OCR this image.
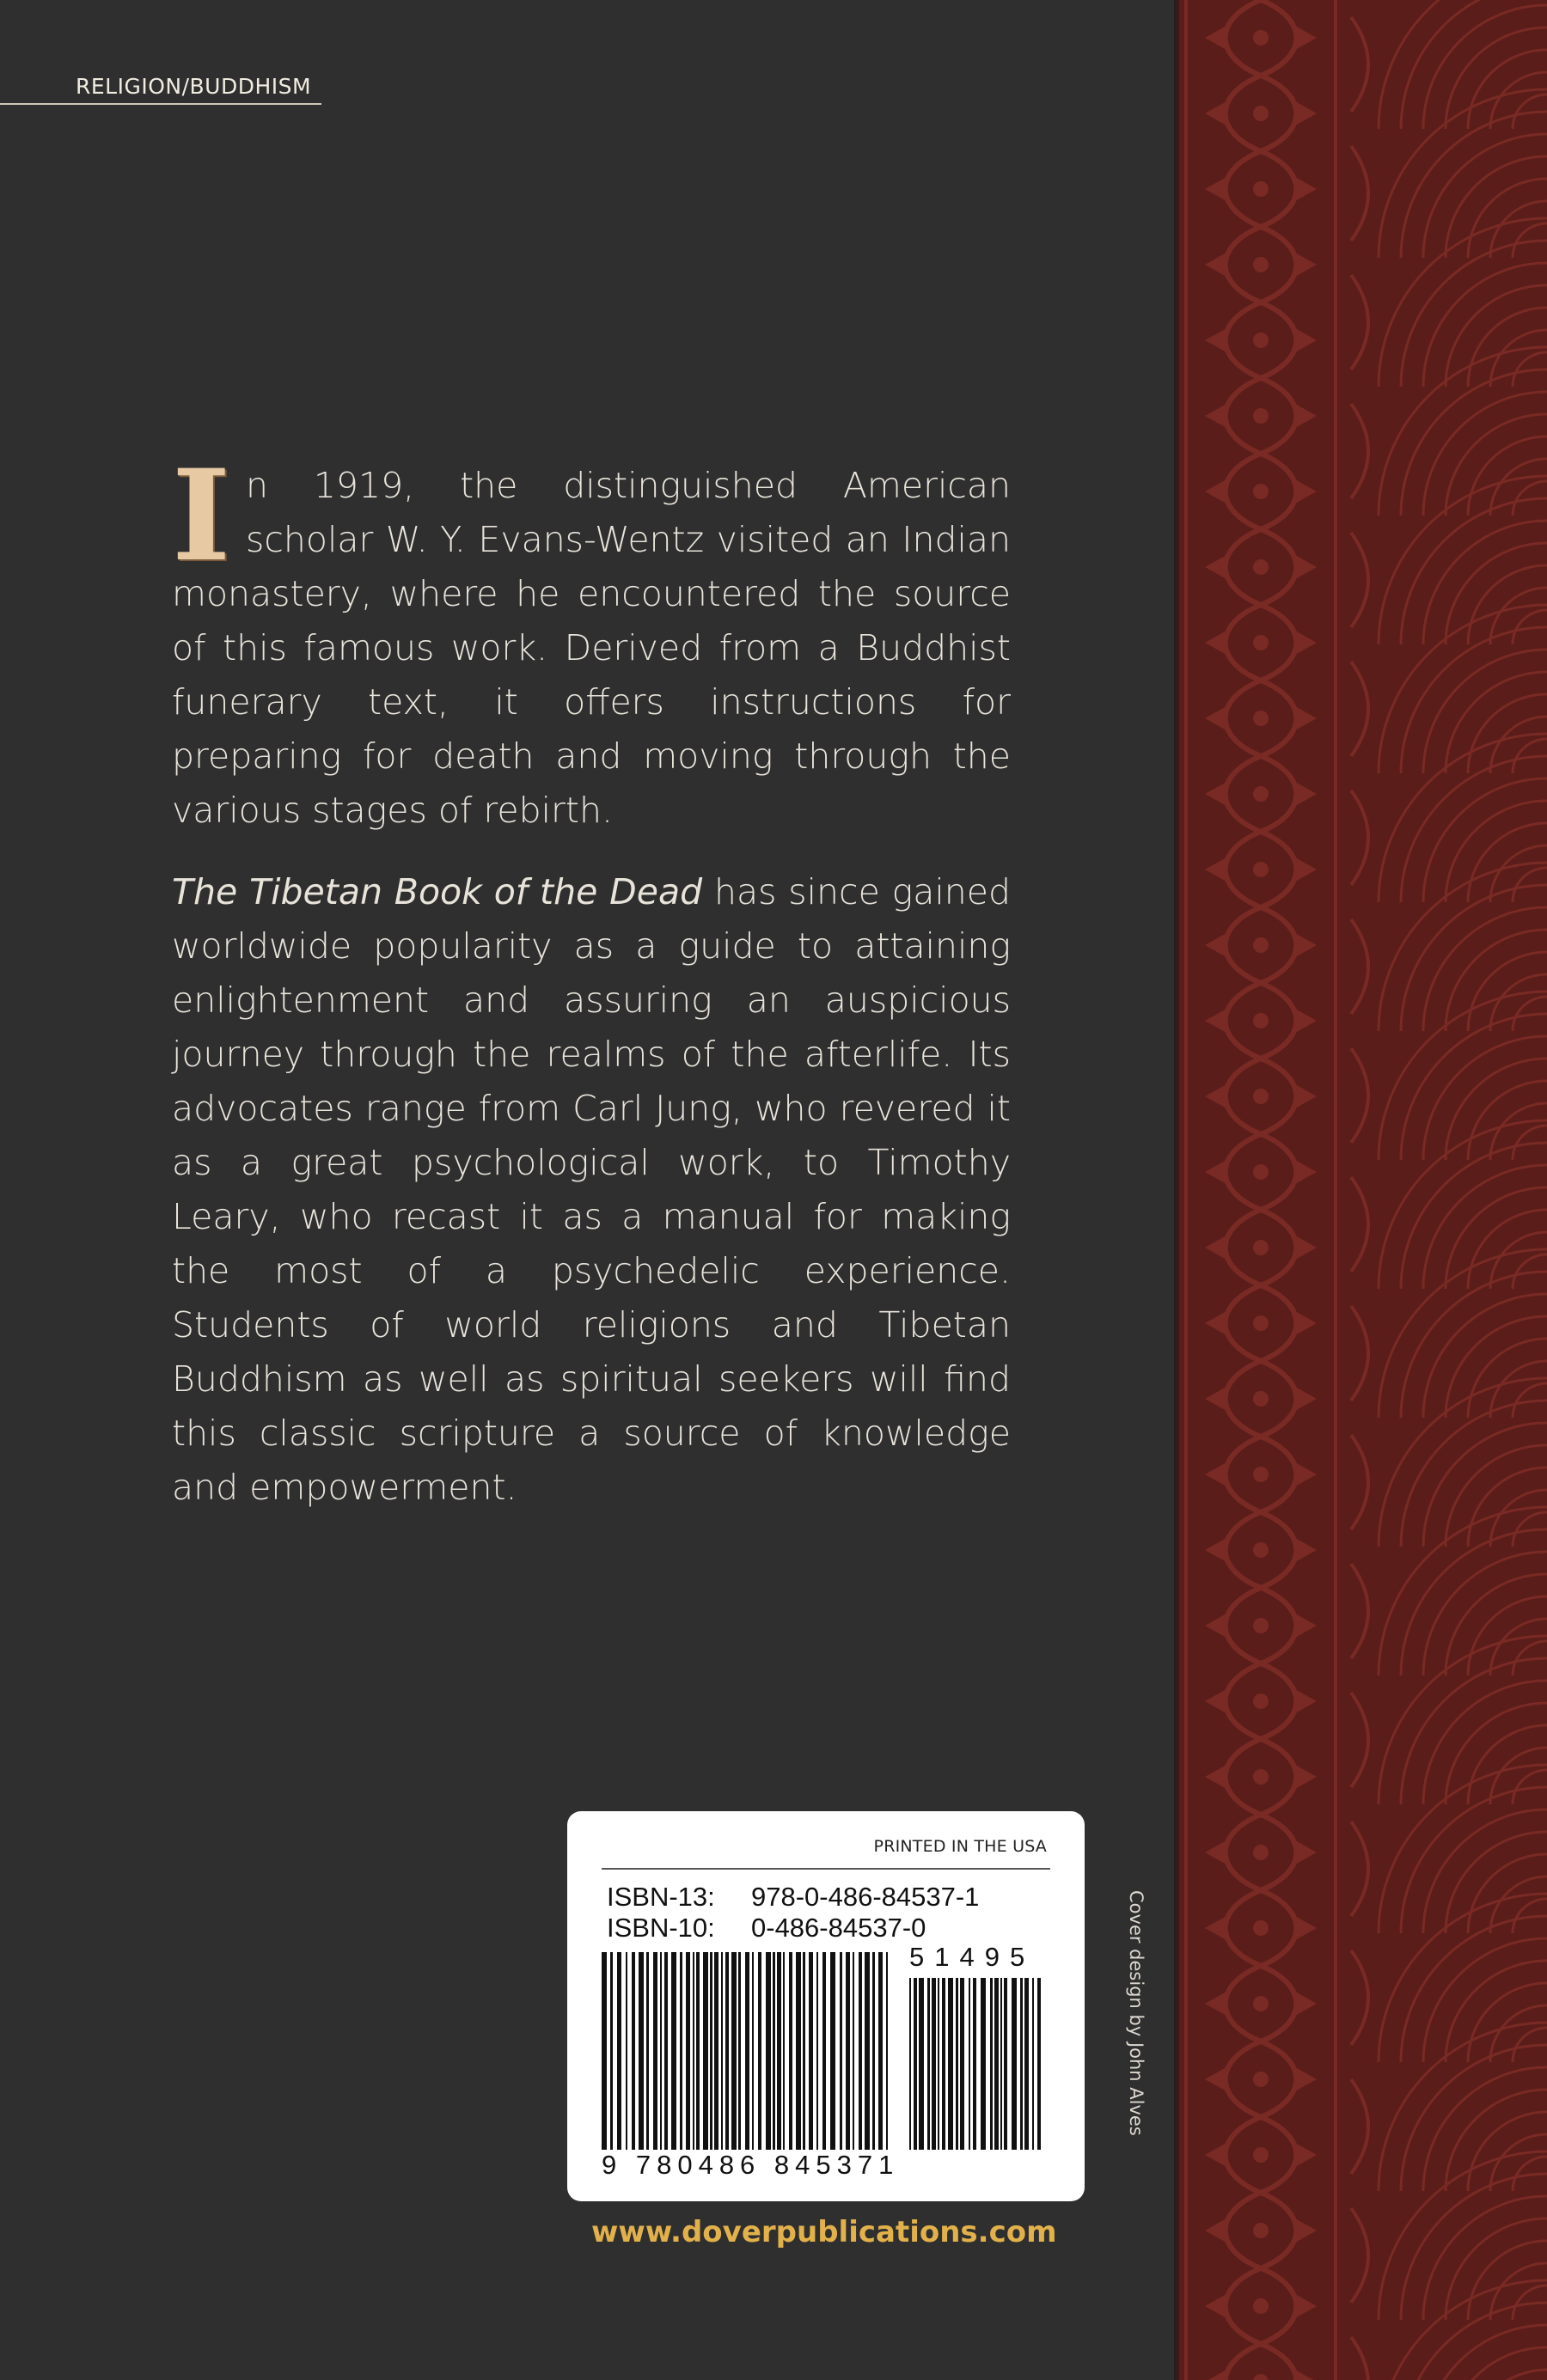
RELIGION/BUDDHISM

I n 1919, the distinguished American scholar W. Y. Evans-Wentz visited an Indian monastery, where he encountered the source of this famous work. Derived from a Buddhist funerary text, it offers instructions for preparing for death and moving through the various stages of rebirth.

The Tibetan Book of the Dead has since gained worldwide popularity as a guide to attaining enlightenment and assuring an auspicious journey through the realms of the afterlife. Its advocates range from Carl Jung, who revered it as a great psychological work, to Timothy Leary, who recast it as a manual for making the most of a psychedelic experience. Students of world religions and Tibetan Buddhism as well as spiritual seekers will find this classic scripture a source of knowledge and empowerment.

PRINTED IN THE USA
ISBN-13: 978-0-486-84537-1
ISBN-10: 0-486-84537-0
51495
9 780486 845371
www.doverpublications.com
Cover design by John Alves
